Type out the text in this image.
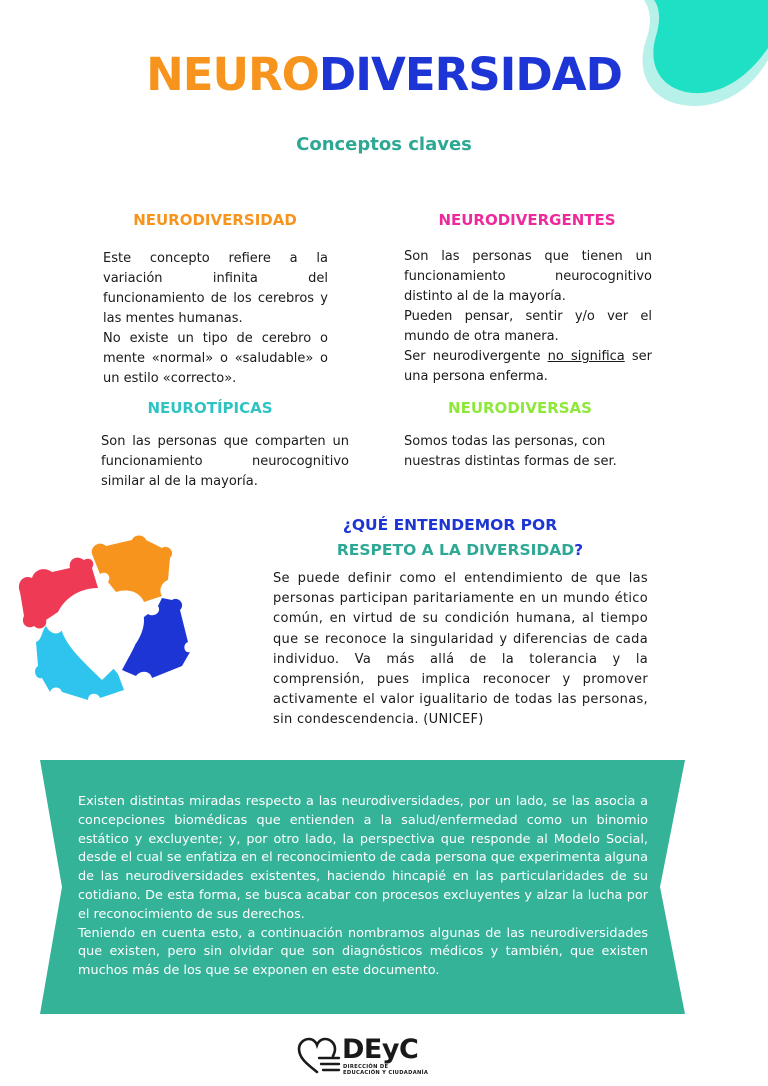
NEURODIVERSIDAD
Conceptos claves
NEURODIVERSIDAD

Este concepto refiere a la variación infinita del funcionamiento de los cerebros y las mentes humanas.

No existe un tipo de cerebro o mente «normal» o «saludable» o un estilo «correcto».

NEURODIVERGENTES

Son las personas que tienen un funcionamiento neurocognitivo distinto al de la mayoría.

Pueden pensar, sentir y/o ver el mundo de otra manera.

Ser neurodivergente no significa ser una persona enferma.

NEUROTÍPICAS
Son las personas que comparten un funcionamiento neurocognitivo similar al de la mayoría.
NEURODIVERSAS
Somos todas las personas, con nuestras distintas formas de ser.
¿QUÉ ENTENDEMOR POR
RESPETO A LA DIVERSIDAD?
Se puede definir como el entendimiento de que las personas participan paritariamente en un mundo ético común, en virtud de su condición humana, al tiempo que se reconoce la singularidad y diferencias de cada individuo. Va más allá de la tolerancia y la comprensión, pues implica reconocer y promover activamente el valor igualitario de todas las personas, sin condescendencia. (UNICEF)

Existen distintas miradas respecto a las neurodiversidades, por un lado, se las asocia a concepciones biomédicas que entienden a la salud/enfermedad como un binomio estático y excluyente; y, por otro lado, la perspectiva que responde al Modelo Social, desde el cual se enfatiza en el reconocimiento de cada persona que experimenta alguna de las neurodiversidades existentes, haciendo hincapié en las particularidades de su cotidiano. De esta forma, se busca acabar con procesos excluyentes y alzar la lucha por el reconocimiento de sus derechos.

Teniendo en cuenta esto, a continuación nombramos algunas de las neurodiversidades que existen, pero sin olvidar que son diagnósticos médicos y también, que existen muchos más de los que se exponen en este documento.

DEyC
DIRECCIÓN DE
EDUCACIÓN Y CIUDADANÍA
